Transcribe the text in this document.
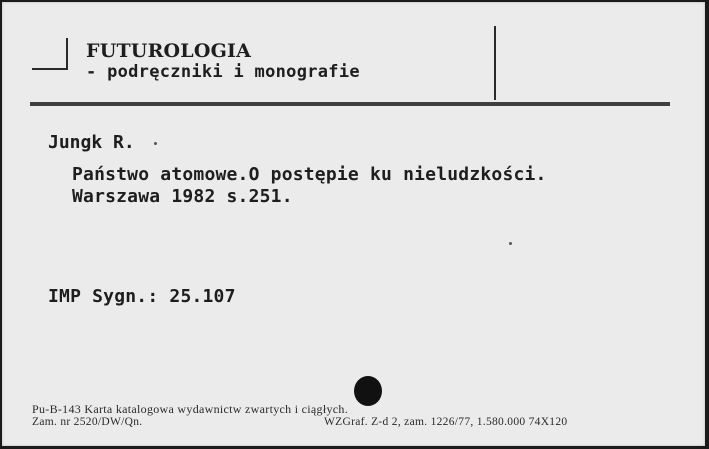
FUTUROLOGIA
- podręczniki i monografie
Jungk R.
Państwo atomowe.O postępie ku nieludzkości.
Warszawa 1982 s.251.
IMP Sygn.: 25.107
Pu-B-143 Karta katalogowa wydawnictw zwartych i ciągłych.
Zam. nr 2520/DW/Qn.	WZGraf. Z-d 2, zam. 1226/77, 1.580.000 74X120
